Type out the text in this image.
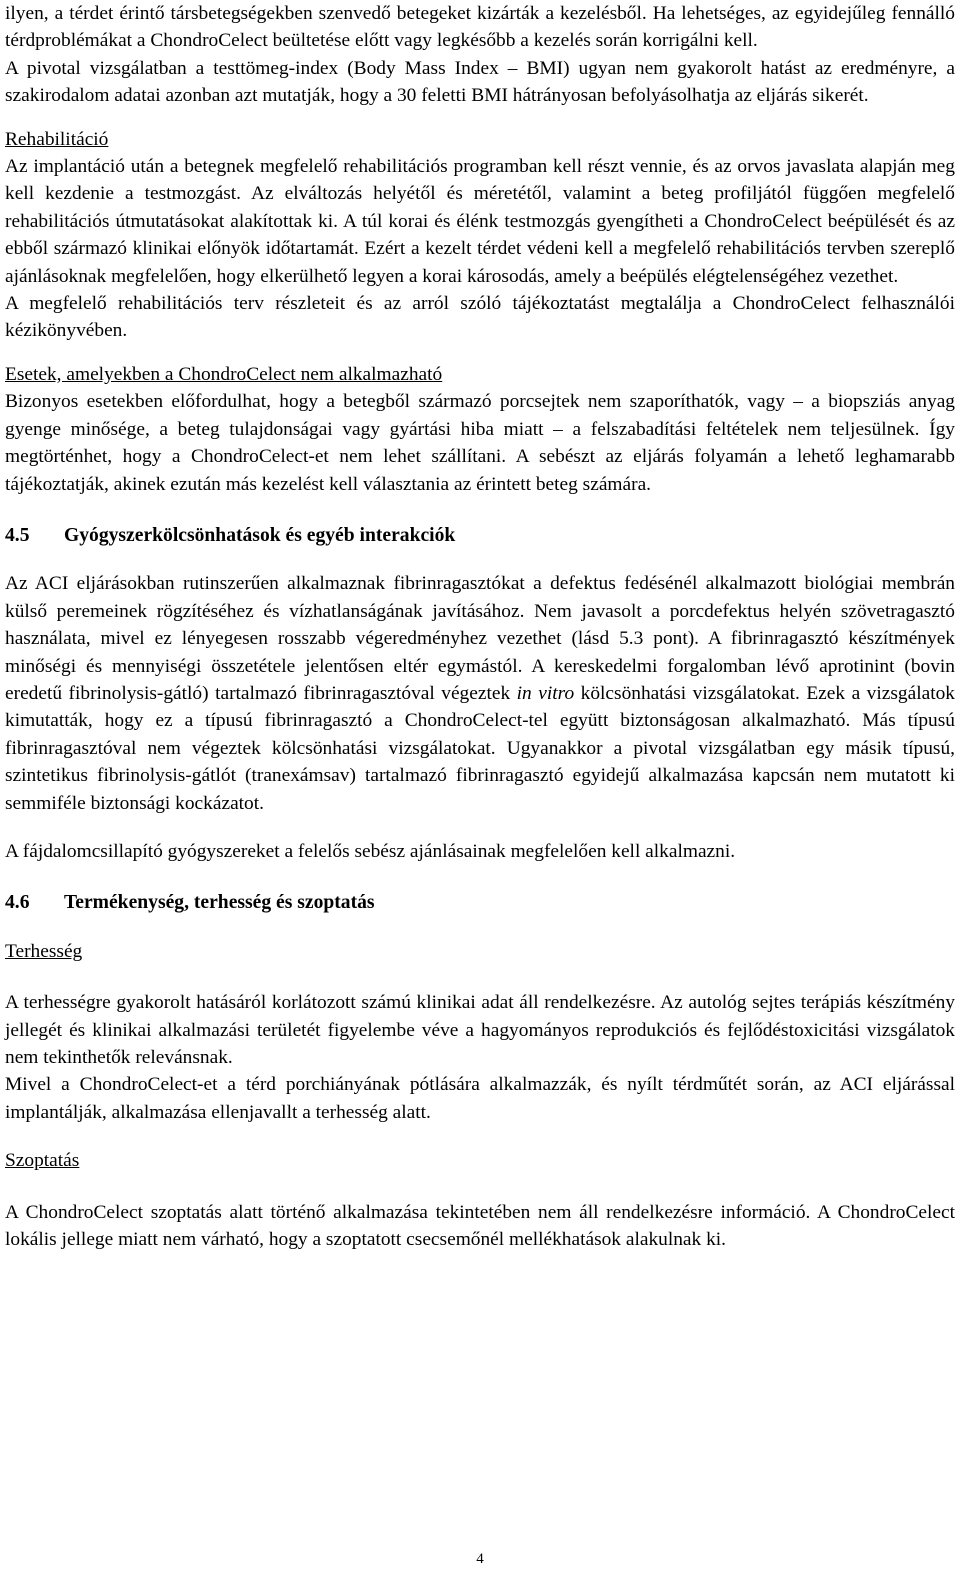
ilyen, a térdet érintő társbetegségekben szenvedő betegeket kizárták a kezelésből. Ha lehetséges, az egyidejűleg fennálló térdproblémákat a ChondroCelect beültetése előtt vagy legkésőbb a kezelés során korrigálni kell.

A pivotal vizsgálatban a testtömeg-index (Body Mass Index – BMI) ugyan nem gyakorolt hatást az eredményre, a szakirodalom adatai azonban azt mutatják, hogy a 30 feletti BMI hátrányosan befolyásolhatja az eljárás sikerét.

Rehabilitáció

Az implantáció után a betegnek megfelelő rehabilitációs programban kell részt vennie, és az orvos javaslata alapján meg kell kezdenie a testmozgást. Az elváltozás helyétől és méretétől, valamint a beteg profiljától függően megfelelő rehabilitációs útmutatásokat alakítottak ki. A túl korai és élénk testmozgás gyengítheti a ChondroCelect beépülését és az ebből származó klinikai előnyök időtartamát. Ezért a kezelt térdet védeni kell a megfelelő rehabilitációs tervben szereplő ajánlásoknak megfelelően, hogy elkerülhető legyen a korai károsodás, amely a beépülés elégtelenségéhez vezethet.

A megfelelő rehabilitációs terv részleteit és az arról szóló tájékoztatást megtalálja a ChondroCelect felhasználói kézikönyvében.

Esetek, amelyekben a ChondroCelect nem alkalmazható

Bizonyos esetekben előfordulhat, hogy a betegből származó porcsejtek nem szaporíthatók, vagy – a biopsziás anyag gyenge minősége, a beteg tulajdonságai vagy gyártási hiba miatt – a felszabadítási feltételek nem teljesülnek. Így megtörténhet, hogy a ChondroCelect-et nem lehet szállítani. A sebészt az eljárás folyamán a lehető leghamarabb tájékoztatják, akinek ezután más kezelést kell választania az érintett beteg számára.

4.5 Gyógyszerkölcsönhatások és egyéb interakciók

Az ACI eljárásokban rutinszerűen alkalmaznak fibrinragasztókat a defektus fedésénél alkalmazott biológiai membrán külső peremeinek rögzítéséhez és vízhatlanságának javításához. Nem javasolt a porcdefektus helyén szövetragasztó használata, mivel ez lényegesen rosszabb végeredményhez vezethet (lásd 5.3 pont). A fibrinragasztó készítmények minőségi és mennyiségi összetétele jelentősen eltér egymástól. A kereskedelmi forgalomban lévő aprotinint (bovin eredetű fibrinolysis-gátló) tartalmazó fibrinragasztóval végeztek in vitro kölcsönhatási vizsgálatokat. Ezek a vizsgálatok kimutatták, hogy ez a típusú fibrinragasztó a ChondroCelect-tel együtt biztonságosan alkalmazható. Más típusú fibrinragasztóval nem végeztek kölcsönhatási vizsgálatokat. Ugyanakkor a pivotal vizsgálatban egy másik típusú, szintetikus fibrinolysis-gátlót (tranexámsav) tartalmazó fibrinragasztó egyidejű alkalmazása kapcsán nem mutatott ki semmiféle biztonsági kockázatot.

A fájdalomcsillapító gyógyszereket a felelős sebész ajánlásainak megfelelően kell alkalmazni.

4.6 Termékenység, terhesség és szoptatás

Terhesség

A terhességre gyakorolt hatásáról korlátozott számú klinikai adat áll rendelkezésre. Az autológ sejtes terápiás készítmény jellegét és klinikai alkalmazási területét figyelembe véve a hagyományos reprodukciós és fejlődéstoxicitási vizsgálatok nem tekinthetők relevánsnak.

Mivel a ChondroCelect-et a térd porchiányának pótlására alkalmazzák, és nyílt térdműtét során, az ACI eljárással implantálják, alkalmazása ellenjavallt a terhesség alatt.

Szoptatás

A ChondroCelect szoptatás alatt történő alkalmazása tekintetében nem áll rendelkezésre információ. A ChondroCelect lokális jellege miatt nem várható, hogy a szoptatott csecsemőnél mellékhatások alakulnak ki.

4
